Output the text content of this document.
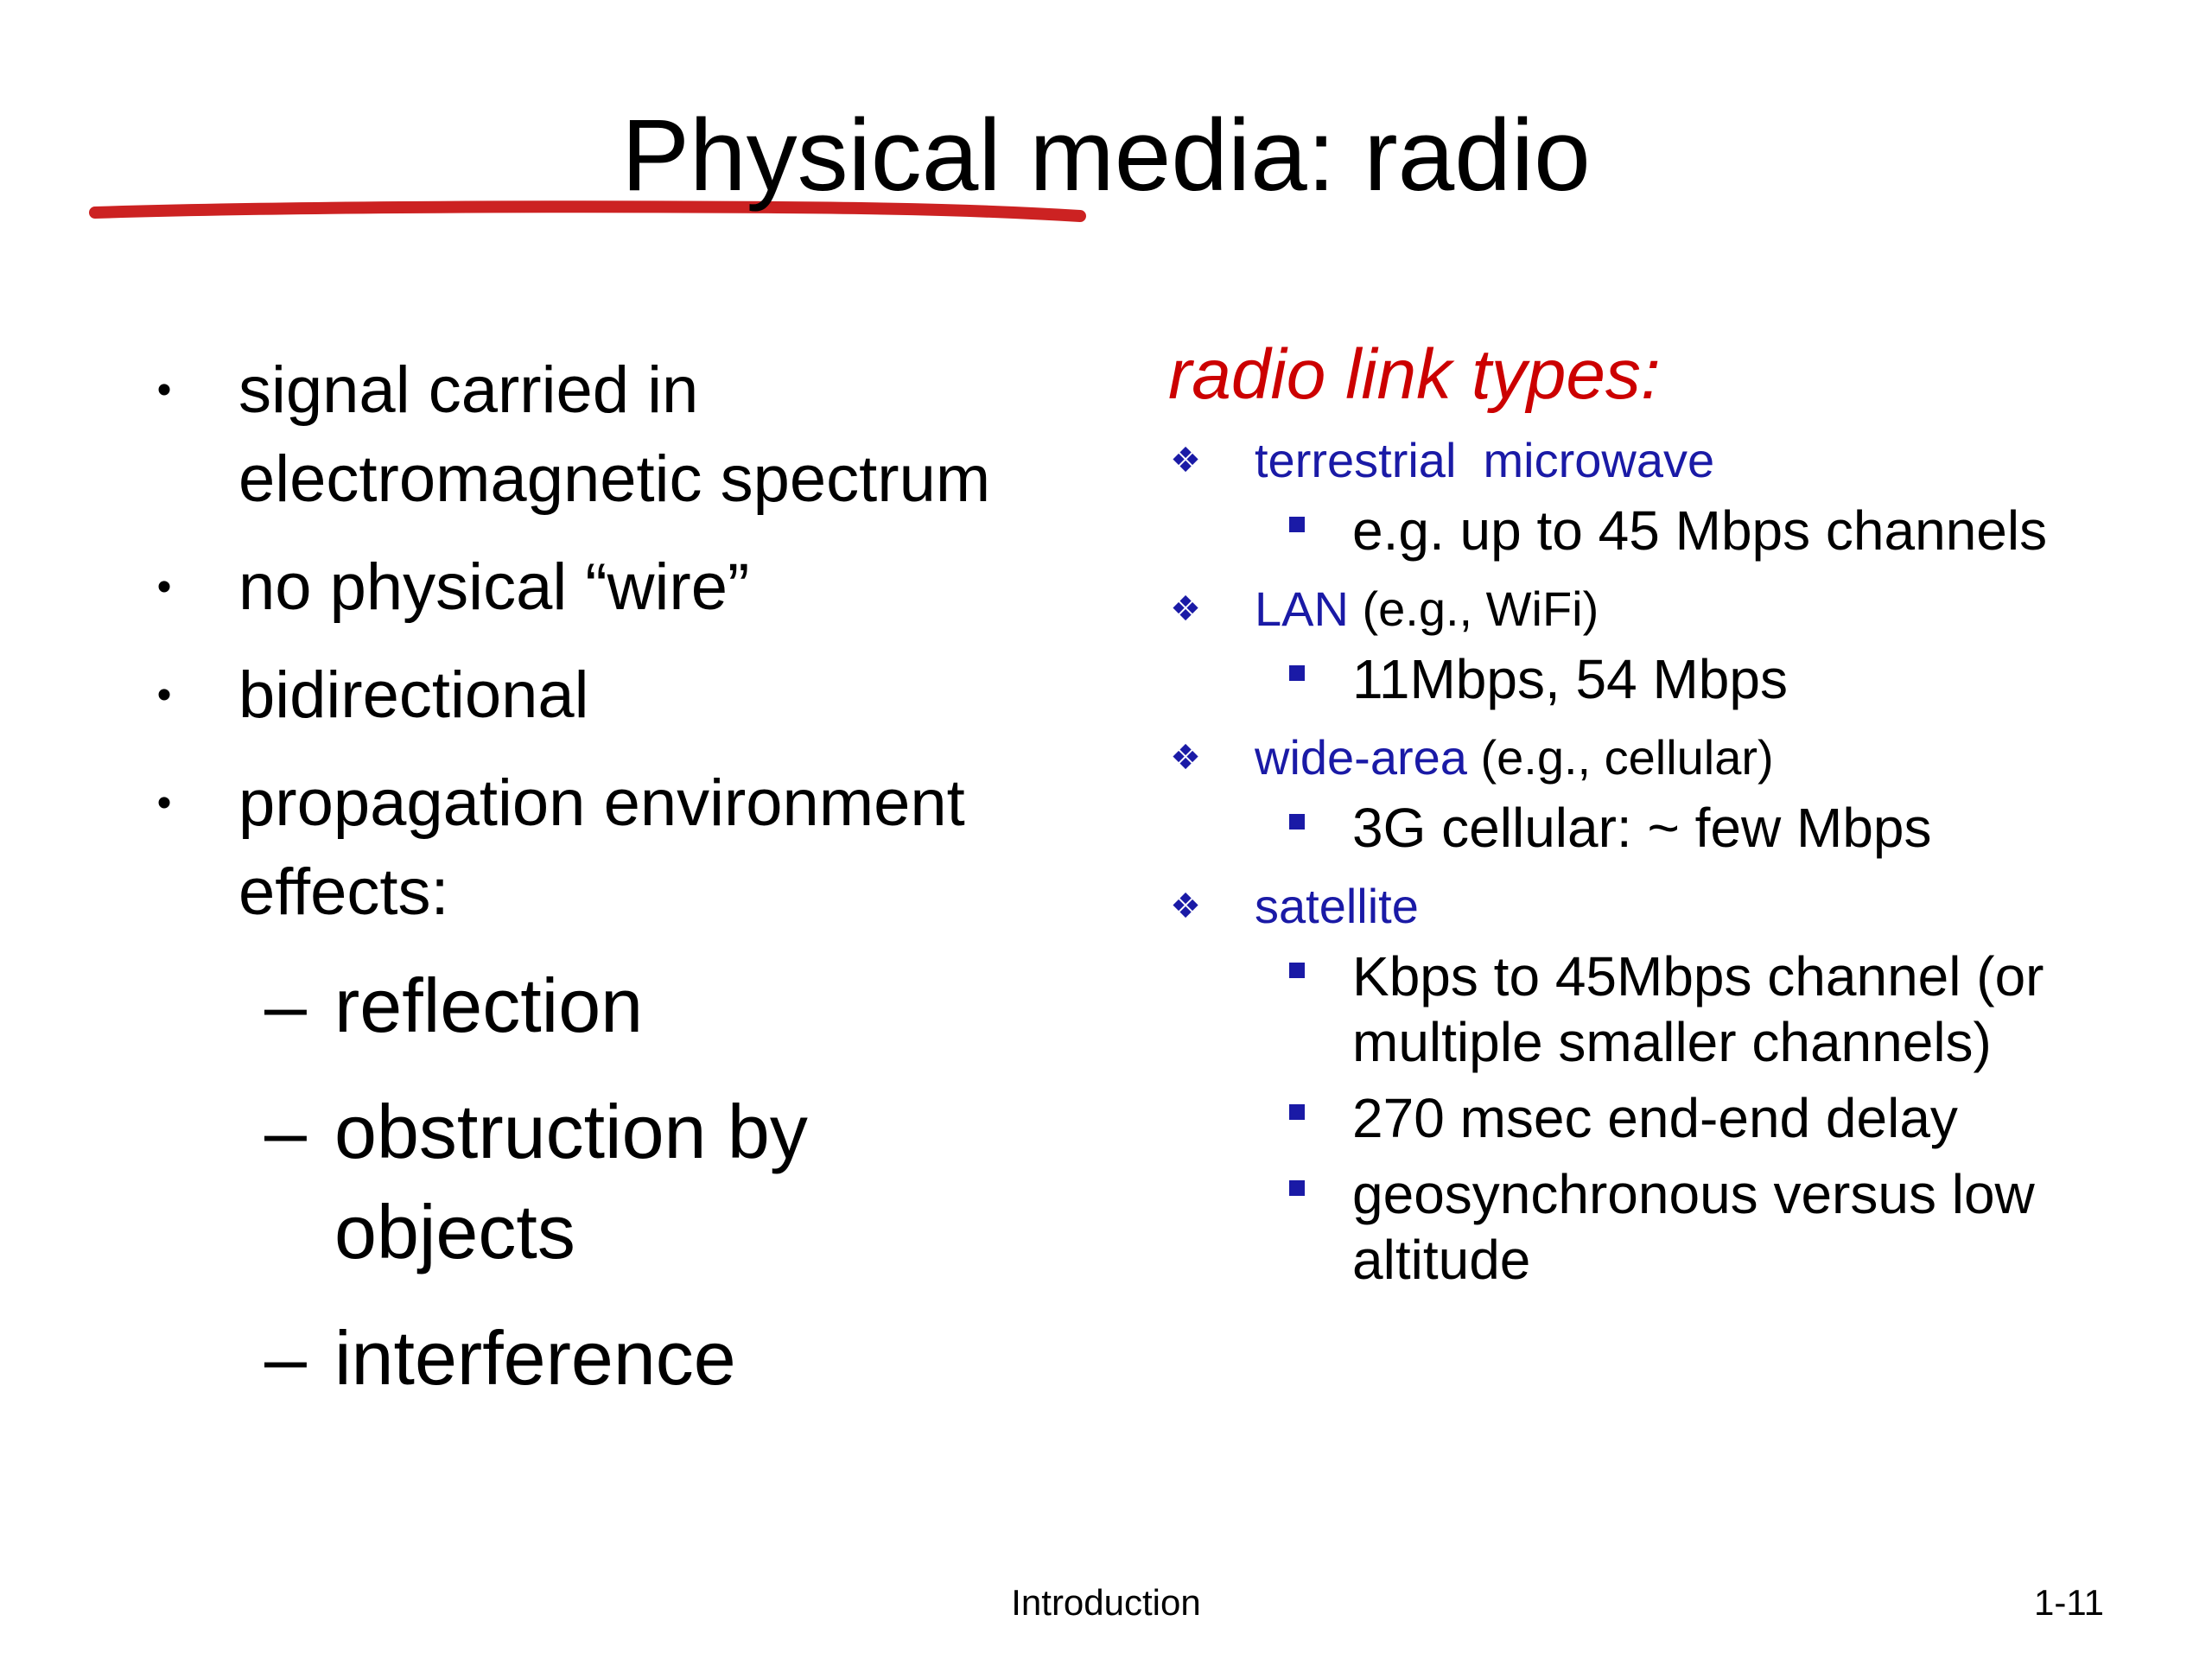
Physical media: radio
• signal carried in
electromagnetic spectrum
• no physical “wire”
• bidirectional
• propagation environment
effects:
– reflection
– obstruction by
objects
– interference
radio link types:
❖ terrestrial  microwave
e.g. up to 45 Mbps channels
❖ LAN (e.g., WiFi)
11Mbps, 54 Mbps
❖ wide-area (e.g., cellular)
3G cellular: ~ few Mbps
❖ satellite
Kbps to 45Mbps channel (or multiple smaller channels)
270 msec end-end delay
geosynchronous versus low altitude
Introduction	1-11
